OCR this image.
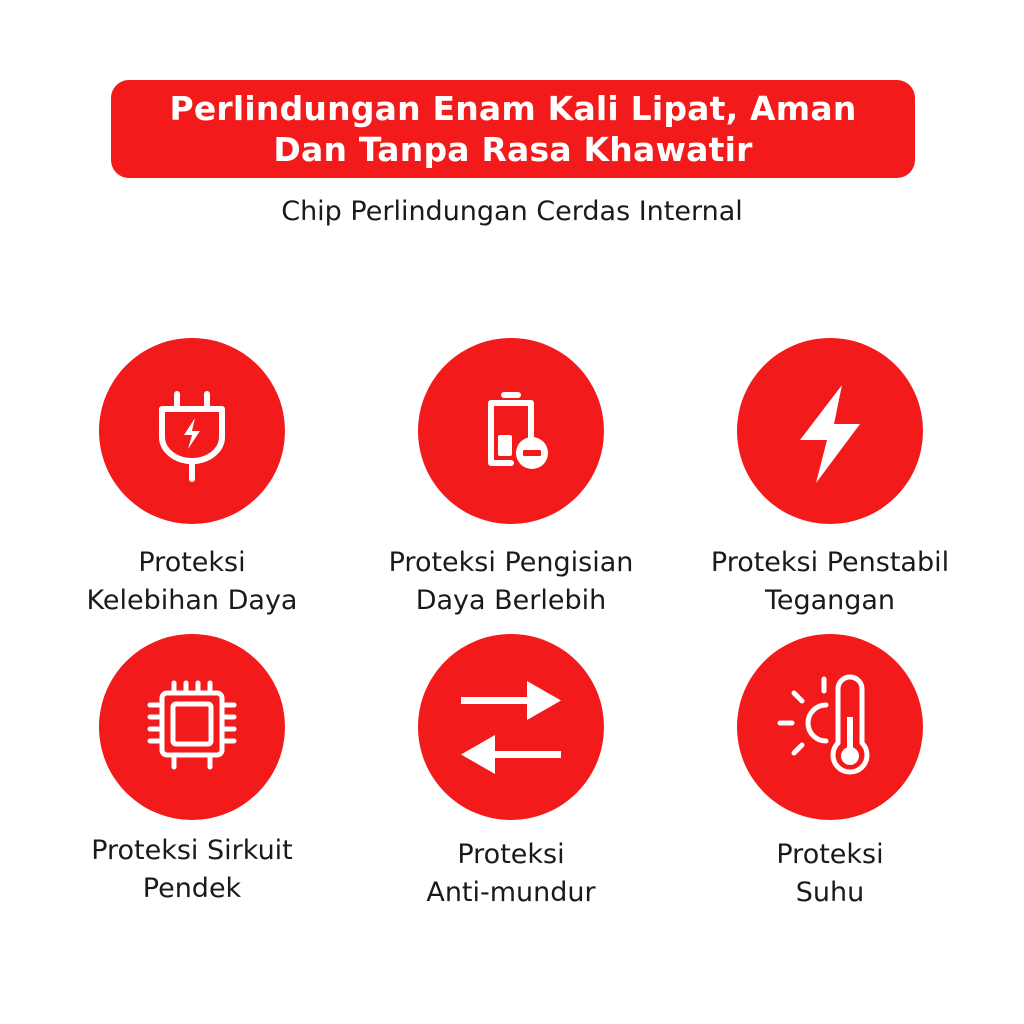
Perlindungan Enam Kali Lipat, Aman
Dan Tanpa Rasa Khawatir
Chip Perlindungan Cerdas Internal
Proteksi
Kelebihan Daya
Proteksi Pengisian
Daya Berlebih
Proteksi Penstabil
Tegangan
Proteksi Sirkuit
Pendek
Proteksi
Anti-mundur
Proteksi
Suhu
